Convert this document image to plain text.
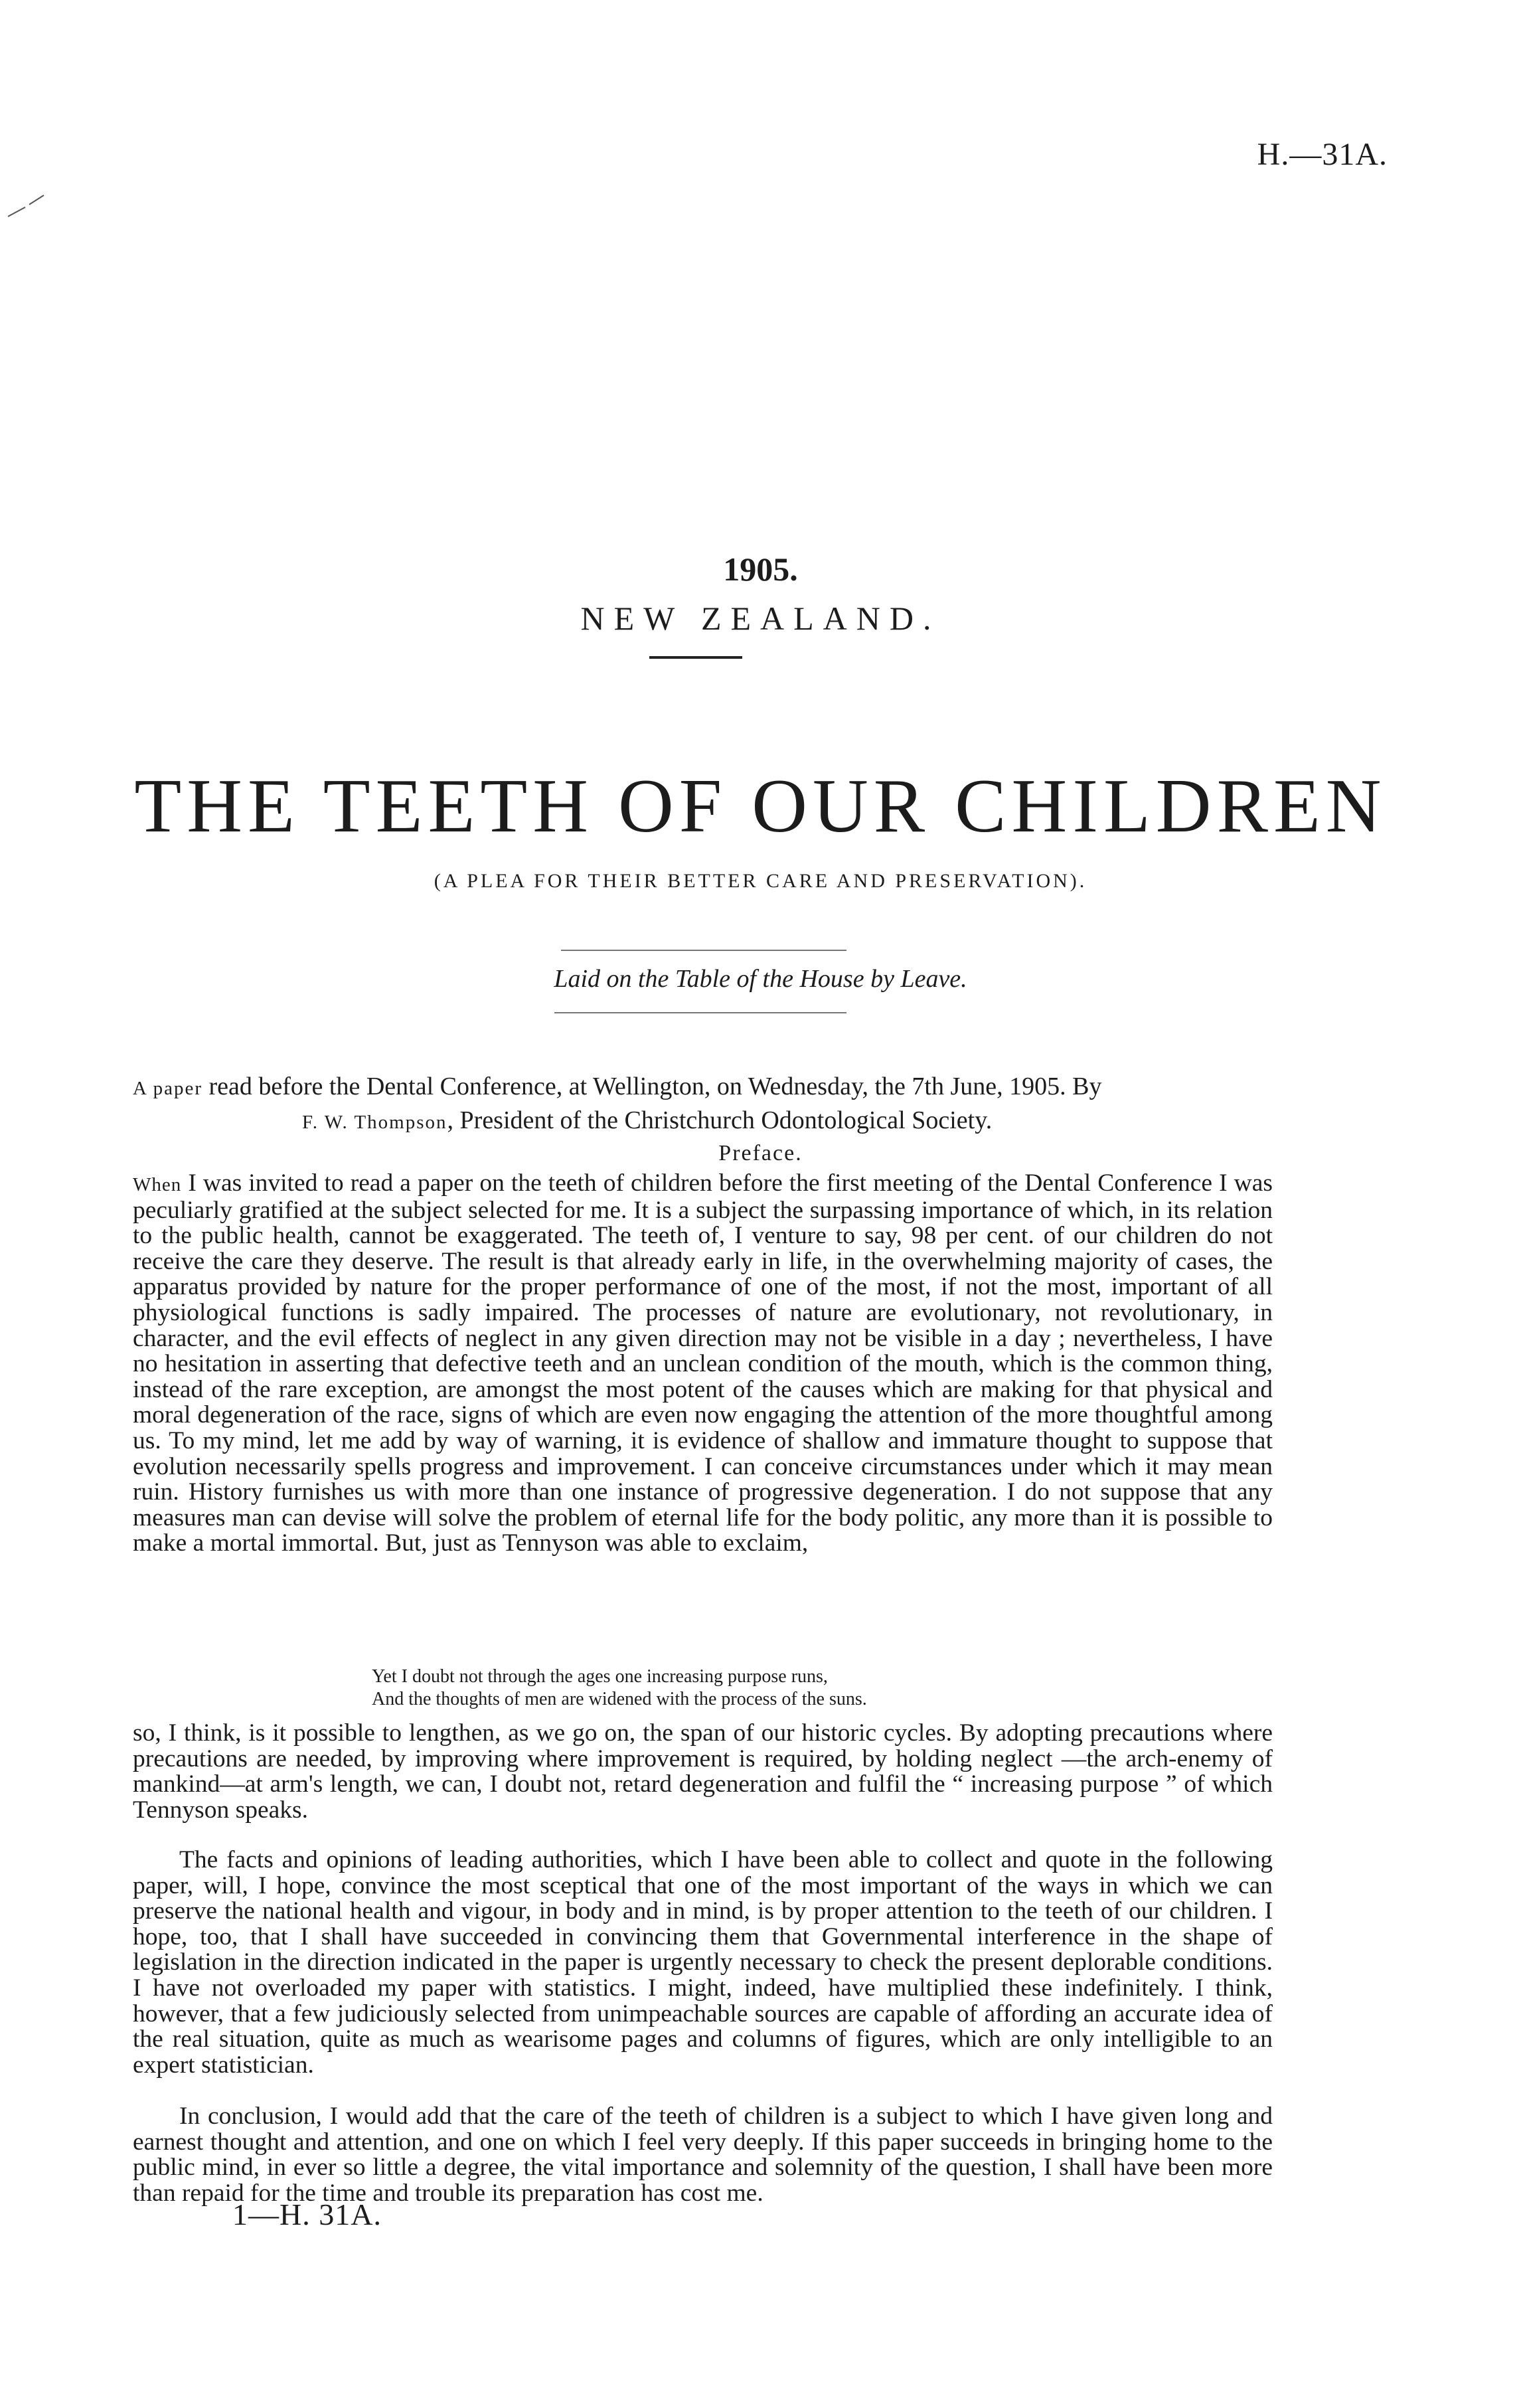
H.—31A.
1905.
NEW ZEALAND.
THE TEETH OF OUR CHILDREN
(A PLEA FOR THEIR BETTER CARE AND PRESERVATION).
Laid on the Table of the House by Leave.
A paper read before the Dental Conference, at Wellington, on Wednesday, the 7th June, 1905. By
F. W. Thompson, President of the Christchurch Odontological Society.
Preface.
When I was invited to read a paper on the teeth of children before the first meeting of the Dental Conference I was peculiarly gratified at the subject selected for me. It is a subject the surpassing importance of which, in its relation to the public health, cannot be exaggerated. The teeth of, I venture to say, 98 per cent. of our children do not receive the care they deserve. The result is that already early in life, in the overwhelming majority of cases, the apparatus provided by nature for the proper performance of one of the most, if not the most, important of all physiological functions is sadly impaired. The processes of nature are evolutionary, not revolutionary, in character, and the evil effects of neglect in any given direction may not be visible in a day ; nevertheless, I have no hesitation in asserting that defective teeth and an unclean condition of the mouth, which is the common thing, instead of the rare exception, are amongst the most potent of the causes which are making for that physical and moral degeneration of the race, signs of which are even now engaging the attention of the more thoughtful among us. To my mind, let me add by way of warning, it is evidence of shallow and immature thought to suppose that evolution necessarily spells progress and improvement. I can conceive circumstances under which it may mean ruin. History furnishes us with more than one instance of progressive degeneration. I do not suppose that any measures man can devise will solve the problem of eternal life for the body politic, any more than it is possible to make a mortal immortal. But, just as Tennyson was able to exclaim,
Yet I doubt not through the ages one increasing purpose runs,
And the thoughts of men are widened with the process of the suns.
so, I think, is it possible to lengthen, as we go on, the span of our historic cycles. By adopting precautions where precautions are needed, by improving where improvement is required, by holding neglect —the arch-enemy of mankind—at arm's length, we can, I doubt not, retard degeneration and fulfil the “ increasing purpose ” of which Tennyson speaks.
The facts and opinions of leading authorities, which I have been able to collect and quote in the following paper, will, I hope, convince the most sceptical that one of the most important of the ways in which we can preserve the national health and vigour, in body and in mind, is by proper attention to the teeth of our children. I hope, too, that I shall have succeeded in convincing them that Governmental interference in the shape of legislation in the direction indicated in the paper is urgently necessary to check the present deplorable conditions. I have not overloaded my paper with statistics. I might, indeed, have multiplied these indefinitely. I think, however, that a few judiciously selected from unimpeachable sources are capable of affording an accurate idea of the real situation, quite as much as wearisome pages and columns of figures, which are only intelligible to an expert statistician.
In conclusion, I would add that the care of the teeth of children is a subject to which I have given long and earnest thought and attention, and one on which I feel very deeply. If this paper succeeds in bringing home to the public mind, in ever so little a degree, the vital importance and solemnity of the question, I shall have been more than repaid for the time and trouble its preparation has cost me.
1—H. 31A.
